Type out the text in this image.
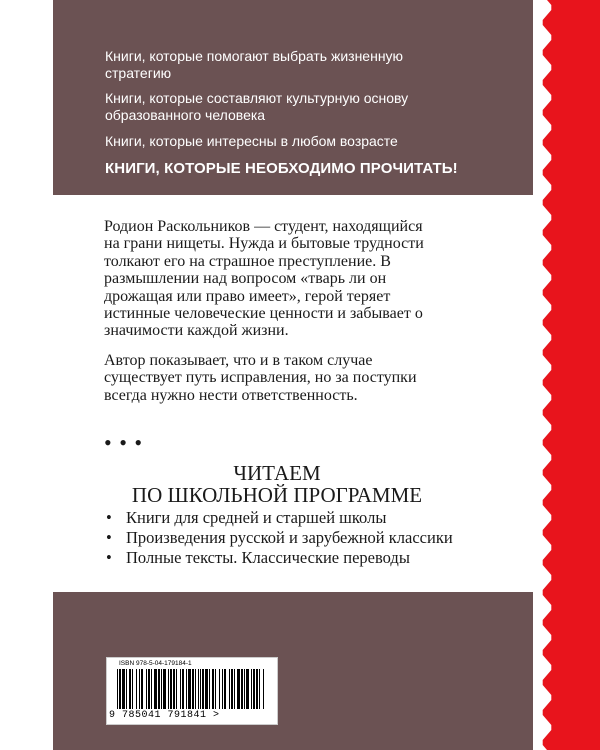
Книги, которые помогают выбрать жизненную стратегию
Книги, которые составляют культурную основу образованного человека
Книги, которые интересны в любом возрасте
КНИГИ, КОТОРЫЕ НЕОБХОДИМО ПРОЧИТАТЬ!
Родион Раскольников — студент, находящийся на грани нищеты. Нужда и бытовые трудности толкают его на страшное преступление. В размышлении над вопросом «тварь ли он дрожащая или право имеет», герой теряет истинные человеческие ценности и забывает о значимости каждой жизни.
Автор показывает, что и в таком случае существует путь исправления, но за поступки всегда нужно нести ответственность.
• • •
ЧИТАЕМ
ПО ШКОЛЬНОЙ ПРОГРАММЕ
• Книги для средней и старшей школы
• Произведения русской и зарубежной классики
• Полные тексты. Классические переводы
ISBN 978-5-04-179184-1
9 785041 791841 >
